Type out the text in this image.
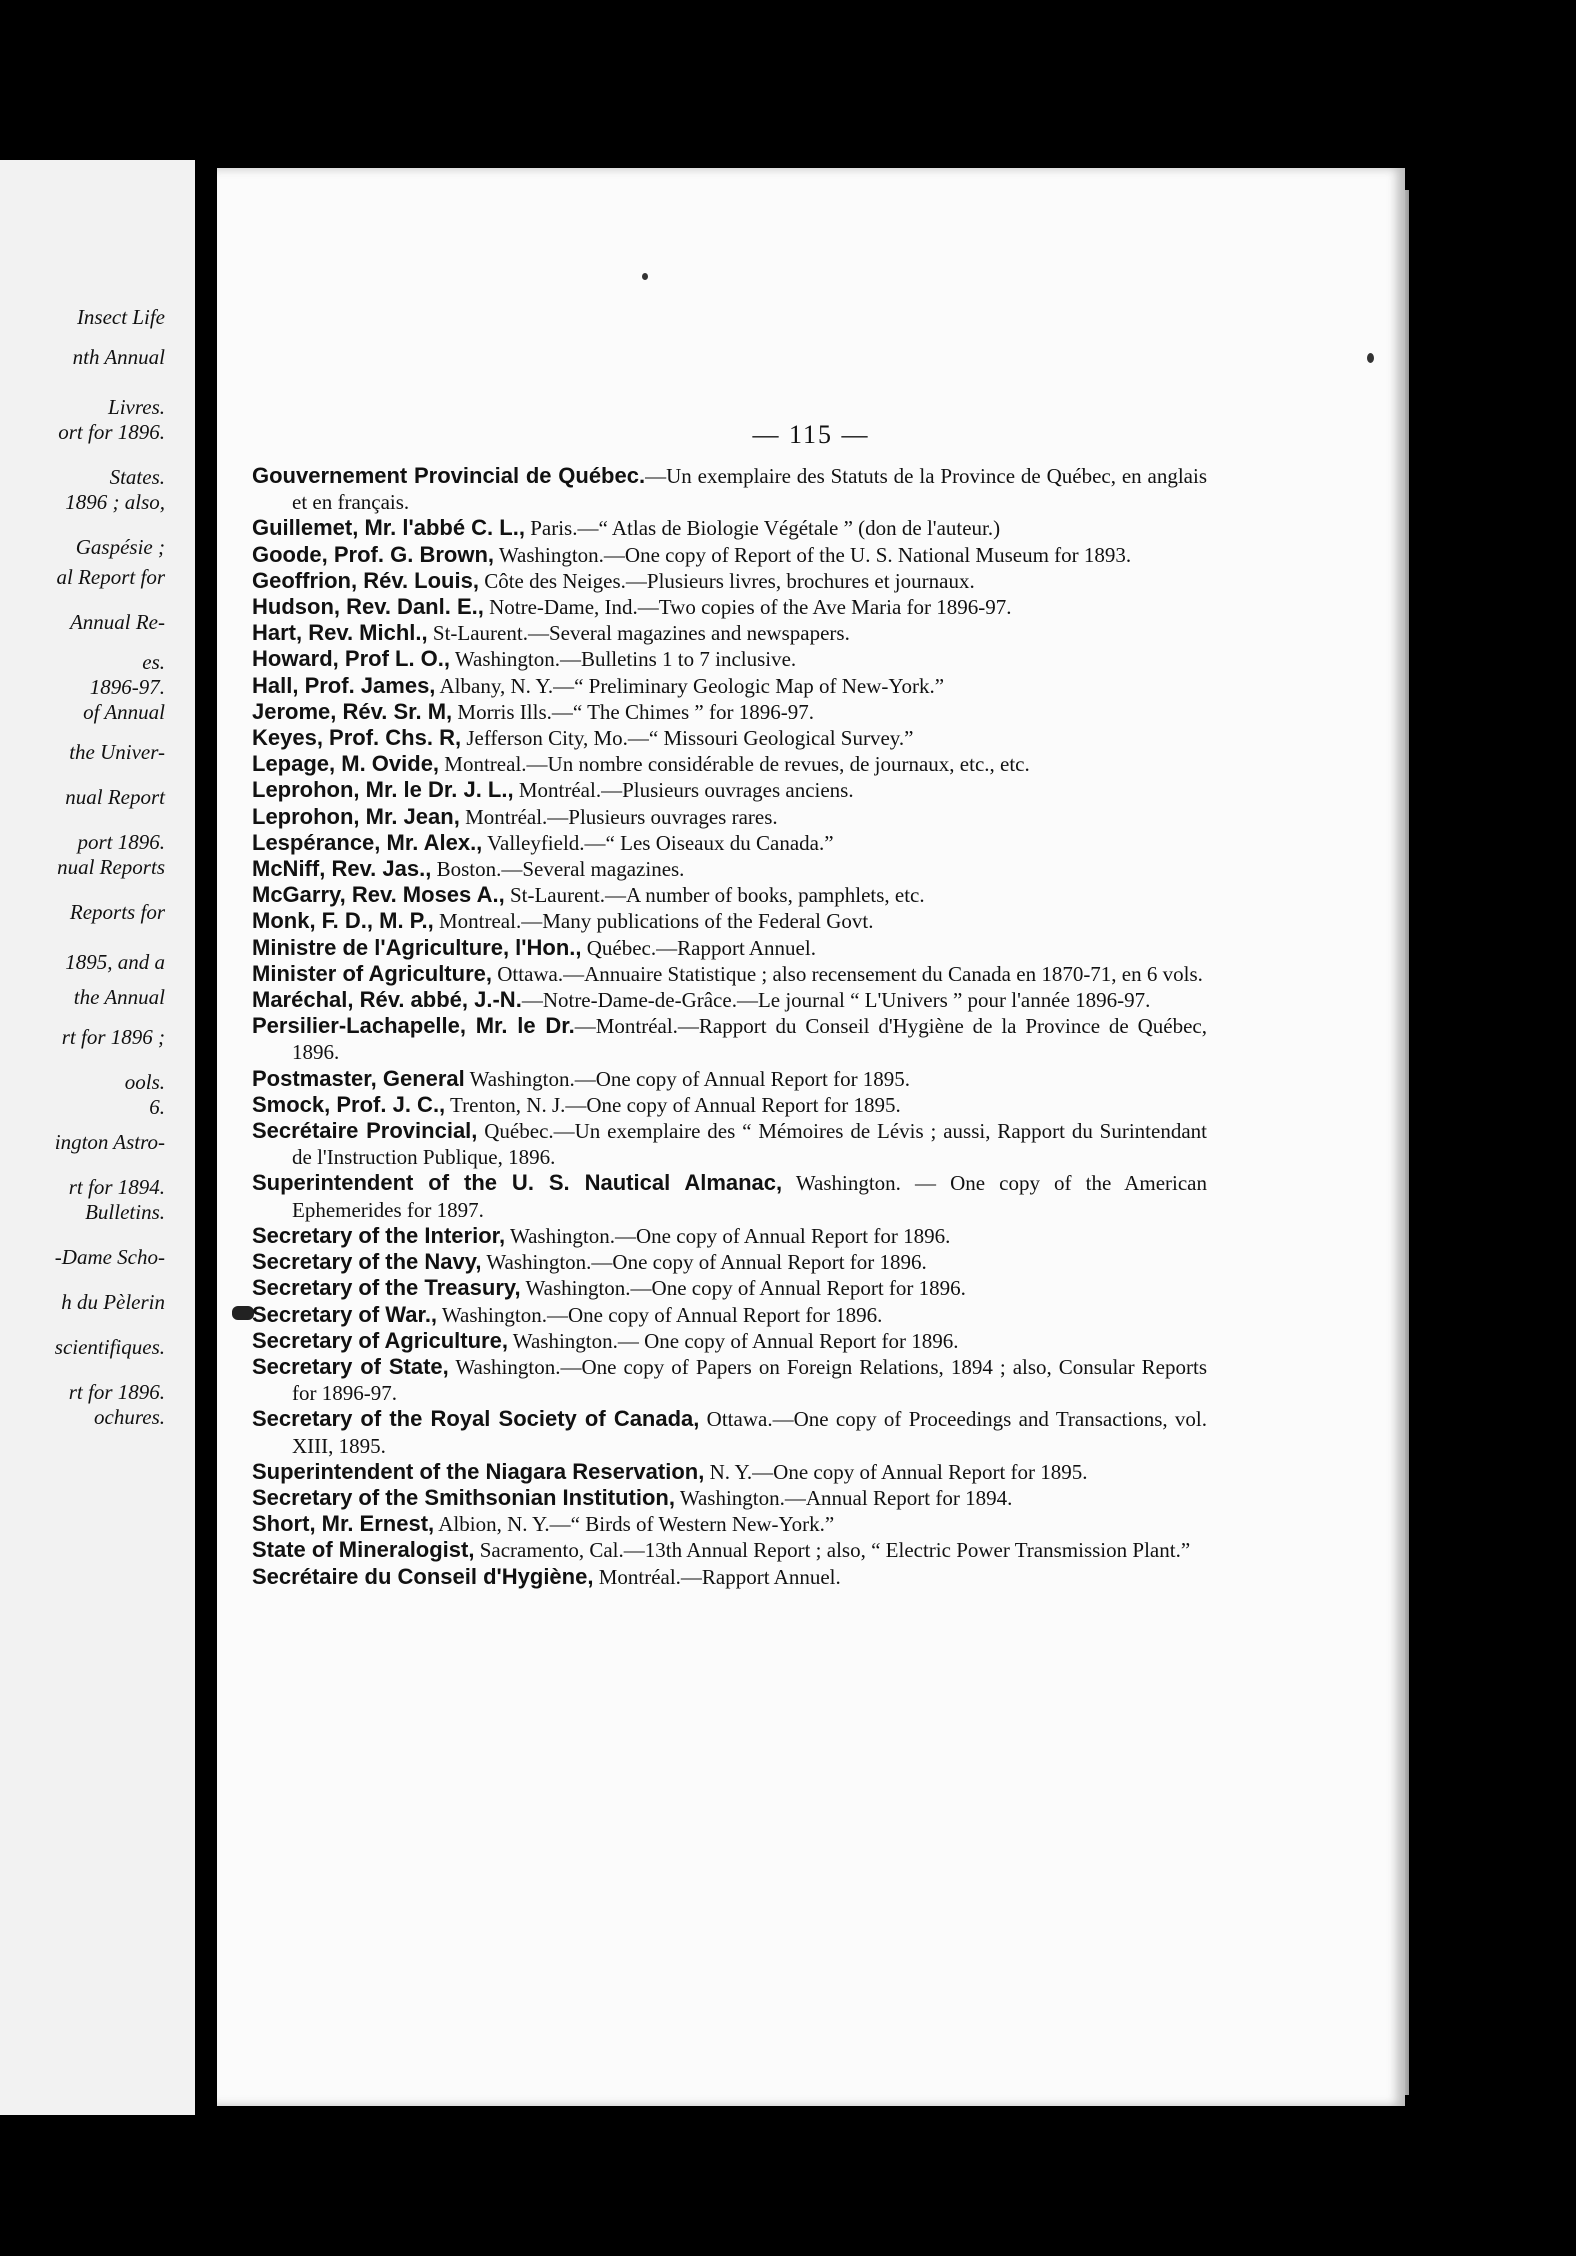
Insect Life
nth Annual
Livres.
ort for 1896.
States.
1896 ; also,
Gaspésie ;
al Report for
Annual Re-
es.
1896-97.
of Annual
the Univer-
nual Report
port 1896.
nual Reports
Reports for
1895, and a
the Annual
rt for 1896 ;
ools.
6.
ington Astro-
rt for 1894.
Bulletins.
-Dame Scho-
h du Pèlerin
scientifiques.
rt for 1896.
ochures.
— 115 —

Gouvernement Provincial de Québec.—Un exemplaire des Statuts de la Province de Québec, en anglais et en français.

Guillemet, Mr. l'abbé C. L., Paris.—“ Atlas de Biologie Végétale ” (don de l'auteur.)

Goode, Prof. G. Brown, Washington.—One copy of Report of the U. S. National Museum for 1893.

Geoffrion, Rév. Louis, Côte des Neiges.—Plusieurs livres, brochures et journaux.

Hudson, Rev. Danl. E., Notre-Dame, Ind.—Two copies of the Ave Maria for 1896-97.

Hart, Rev. Michl., St-Laurent.—Several magazines and newspapers.

Howard, Prof L. O., Washington.—Bulletins 1 to 7 inclusive.

Hall, Prof. James, Albany, N. Y.—“ Preliminary Geologic Map of New-York.”

Jerome, Rév. Sr. M, Morris Ills.—“ The Chimes ” for 1896-97.

Keyes, Prof. Chs. R, Jefferson City, Mo.—“ Missouri Geological Survey.”

Lepage, M. Ovide, Montreal.—Un nombre considérable de revues, de journaux, etc., etc.

Leprohon, Mr. le Dr. J. L., Montréal.—Plusieurs ouvrages anciens.

Leprohon, Mr. Jean, Montréal.—Plusieurs ouvrages rares.

Lespérance, Mr. Alex., Valleyfield.—“ Les Oiseaux du Canada.”

McNiff, Rev. Jas., Boston.—Several magazines.

McGarry, Rev. Moses A., St-Laurent.—A number of books, pamphlets, etc.

Monk, F. D., M. P., Montreal.—Many publications of the Federal Govt.

Ministre de l'Agriculture, l'Hon., Québec.—Rapport Annuel.

Minister of Agriculture, Ottawa.—Annuaire Statistique ; also recensement du Canada en 1870-71, en 6 vols.

Maréchal, Rév. abbé, J.-N.—Notre-Dame-de-Grâce.—Le journal “ L'Univers ” pour l'année 1896-97.

Persilier-Lachapelle, Mr. le Dr.—Montréal.—Rapport du Conseil d'Hygiène de la Province de Québec, 1896.

Postmaster, General Washington.—One copy of Annual Report for 1895.

Smock, Prof. J. C., Trenton, N. J.—One copy of Annual Report for 1895.

Secrétaire Provincial, Québec.—Un exemplaire des “ Mémoires de Lévis ; aussi, Rapport du Surintendant de l'Instruction Publique, 1896.

Superintendent of the U. S. Nautical Almanac, Washington. — One copy of the American Ephemerides for 1897.

Secretary of the Interior, Washington.—One copy of Annual Report for 1896.

Secretary of the Navy, Washington.—One copy of Annual Report for 1896.

Secretary of the Treasury, Washington.—One copy of Annual Report for 1896.

Secretary of War., Washington.—One copy of Annual Report for 1896.

Secretary of Agriculture, Washington.— One copy of Annual Report for 1896.

Secretary of State, Washington.—One copy of Papers on Foreign Relations, 1894 ; also, Consular Reports for 1896-97.

Secretary of the Royal Society of Canada, Ottawa.—One copy of Proceedings and Transactions, vol. XIII, 1895.

Superintendent of the Niagara Reservation, N. Y.—One copy of Annual Report for 1895.

Secretary of the Smithsonian Institution, Washington.—Annual Report for 1894.

Short, Mr. Ernest, Albion, N. Y.—“ Birds of Western New-York.”

State of Mineralogist, Sacramento, Cal.—13th Annual Report ; also, “ Electric Power Transmission Plant.”

Secrétaire du Conseil d'Hygiène, Montréal.—Rapport Annuel.
